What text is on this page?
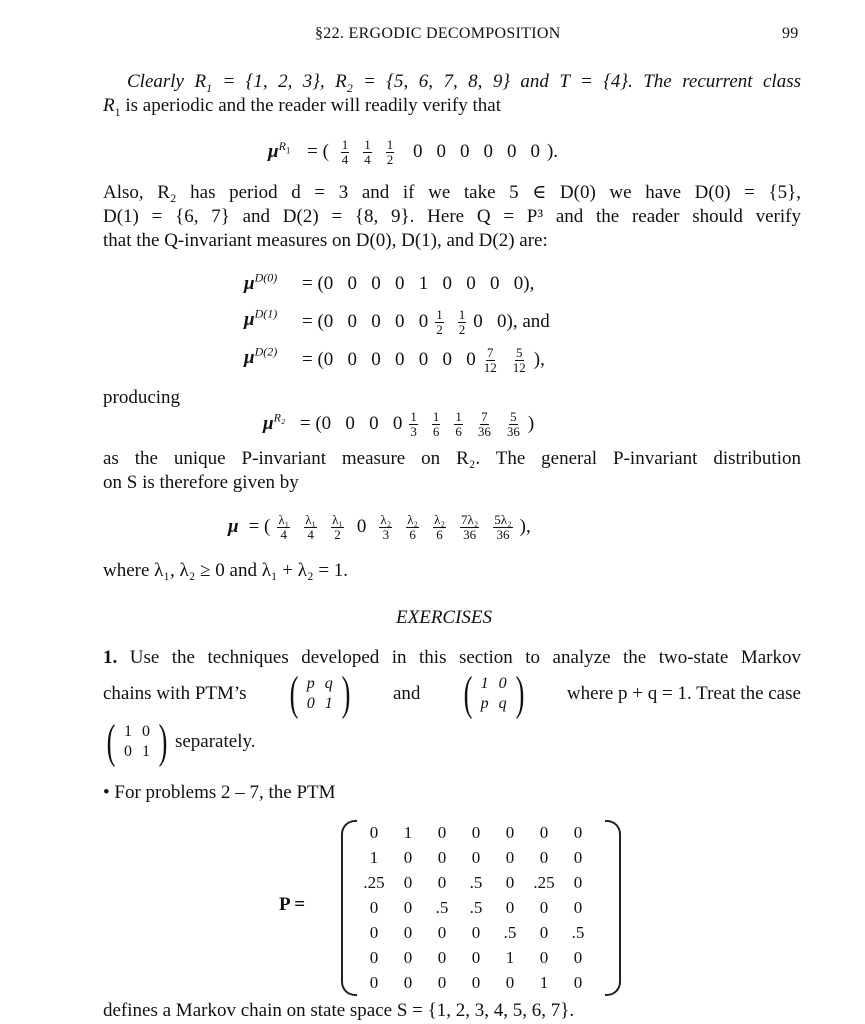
§22. ERGODIC DECOMPOSITION	99
Clearly $R_1 = \{1$, 2, 3}, $R_2 = \{5$, 6, 7, 8, 9} and T = {4}. The recurrent class
$R_1$ is aperiodic and the reader will readily verify that
$\mu^{R_1}$ = ( $\frac{1}{4} \frac{1}{4} \frac{1}{2} 0$ 0 0 0 0 0 ).
Also, R₂ has period d = 3 and if we take 5 ∈ D(0) we have D(0) = {5},
D(1) = {6, 7} and D(2) = {8, 9}. Here Q = P³ and the reader should verify
that the Q-invariant measures on D(0), D(1), and D(2) are:
$\mu^{D(0)} = (0$   0   0   0   1   0   0   0   0),
$\mu^{D(1)} = (0$   0   0   0   $0 \frac{1}{2} \frac{1}{2} 0$   0), and
$\mu^{D(2)} = (0$   0   0   0   0   0   $0 \frac{7}{12} \frac{5}{12}$ ),
producing
$\mu^{R_2} = (0$   0   0   $0 \frac{1}{3} \frac{1}{6} \frac{1}{6} \frac{7}{36} \frac{5}{36}$ )
as the unique P-invariant measure on R₂. The general P-invariant distribution
on S is therefore given by
μ = ( $\frac{\text{λ₁}}{4} \frac{\text{λ₁}}{4} \frac{\text{λ₁}}{2} 0 \frac{\text{λ₂}}{3} \frac{\text{λ₂}}{6} \frac{\text{λ₂}}{6} \frac{\text{7λ₂}}{36} \frac{\text{5λ₂}}{36}$ ),
where λ₁, λ₂ ≥ 0 and λ₁ + λ₂ = 1.
EXERCISES
1. Use the techniques developed in this section to analyze the two-state Markov
chains with PTM’s ( p q
0 1 ) and ( 1 0
p q ) where p + q = 1. Treat the case
( 1 0
0 1 ) separately.
• For problems 2 – 7, the PTM
P =
0	1	0	0	0	0	0
1	0	0	0	0	0	0
.25	0	0	.5	0	.25	0
0	0	.5	.5	0	0	0
0	0	0	0	.5	0	.5
0	0	0	0	1	0	0
0	0	0	0	0	1	0
defines a Markov chain on state space S = {1, 2, 3, 4, 5, 6, 7}.
